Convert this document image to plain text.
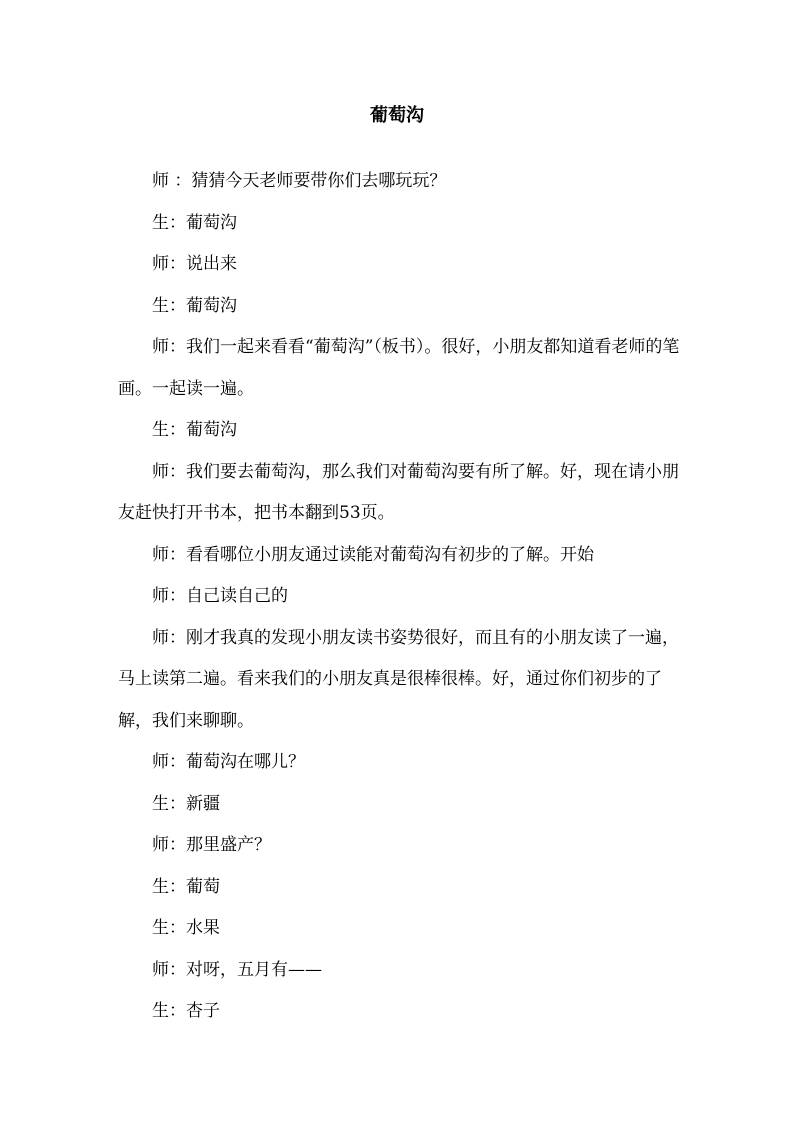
葡萄沟

师 ：猜猜今天老师要带你们去哪玩玩？

生：葡萄沟

师：说出来

生：葡萄沟

师：我们一起来看看“葡萄沟”（板书）。很好，小朋友都知道看老师的笔画。一起读一遍。

生：葡萄沟

师：我们要去葡萄沟，那么我们对葡萄沟要有所了解。好，现在请小朋友赶快打开书本，把书本翻到53页。

师：看看哪位小朋友通过读能对葡萄沟有初步的了解。开始

师：自己读自己的

师：刚才我真的发现小朋友读书姿势很好，而且有的小朋友读了一遍，马上读第二遍。看来我们的小朋友真是很棒很棒。好，通过你们初步的了解，我们来聊聊。

师：葡萄沟在哪儿？

生：新疆

师：那里盛产？

生：葡萄

生：水果

师：对呀，五月有——

生：杏子
